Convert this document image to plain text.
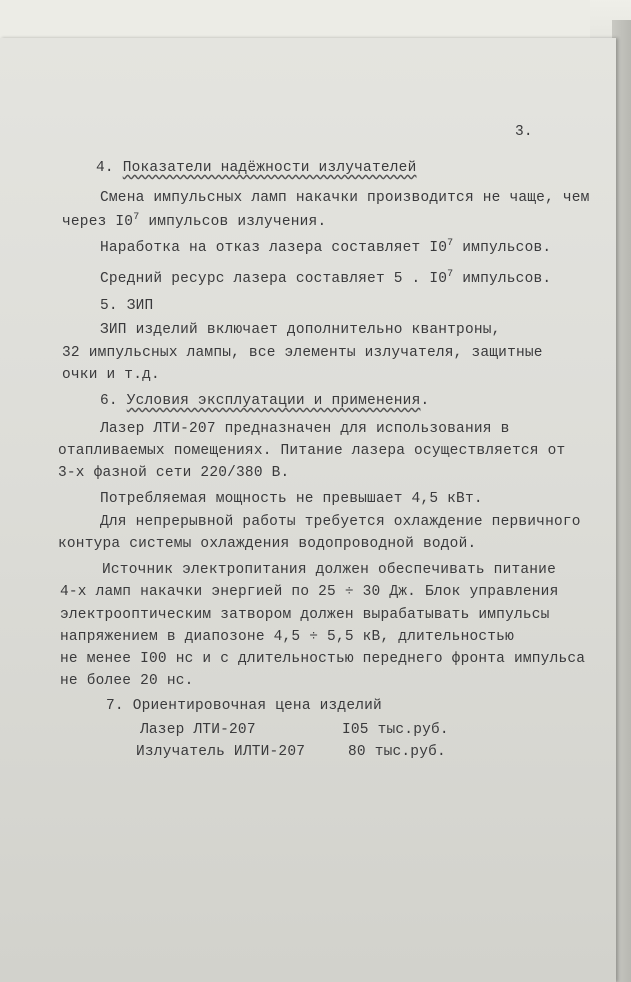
3.
4. Показатели надёжности излучателей
Смена импульсных ламп накачки производится не чаще, чем
через $I0^7$ импульсов излучения.
Наработка на отказ лазера составляет $I0^7$ импульсов.
Средний ресурс лазера составляет 5 . $I0^7$ импульсов.
5. ЗИП
ЗИП изделий включает дополнительно квантроны,
32 импульсных лампы, все элементы излучателя, защитные
очки и т.д.
6. Условия эксплуатации и применения.
Лазер ЛТИ-207 предназначен для использования в
отапливаемых помещениях. Питание лазера осуществляется от
3-х фазной сети 220/380 В.
Потребляемая мощность не превышает 4,5 кВт.
Для непрерывной работы требуется охлаждение первичного
контура системы охлаждения водопроводной водой.
Источник электропитания должен обеспечивать питание
4-х ламп накачки энергией по 25 ÷ 30 Дж. Блок управления
электрооптическим затвором должен вырабатывать импульсы
напряжением в диапозоне 4,5 ÷ 5,5 кВ, длительностью
не менее I00 нс и с длительностью переднего фронта импульса
не более 20 нс.
7. Ориентировочная цена изделий
Лазер ЛТИ-207	I05 тыс.руб.
Излучатель ИЛТИ-207	80 тыс.руб.
